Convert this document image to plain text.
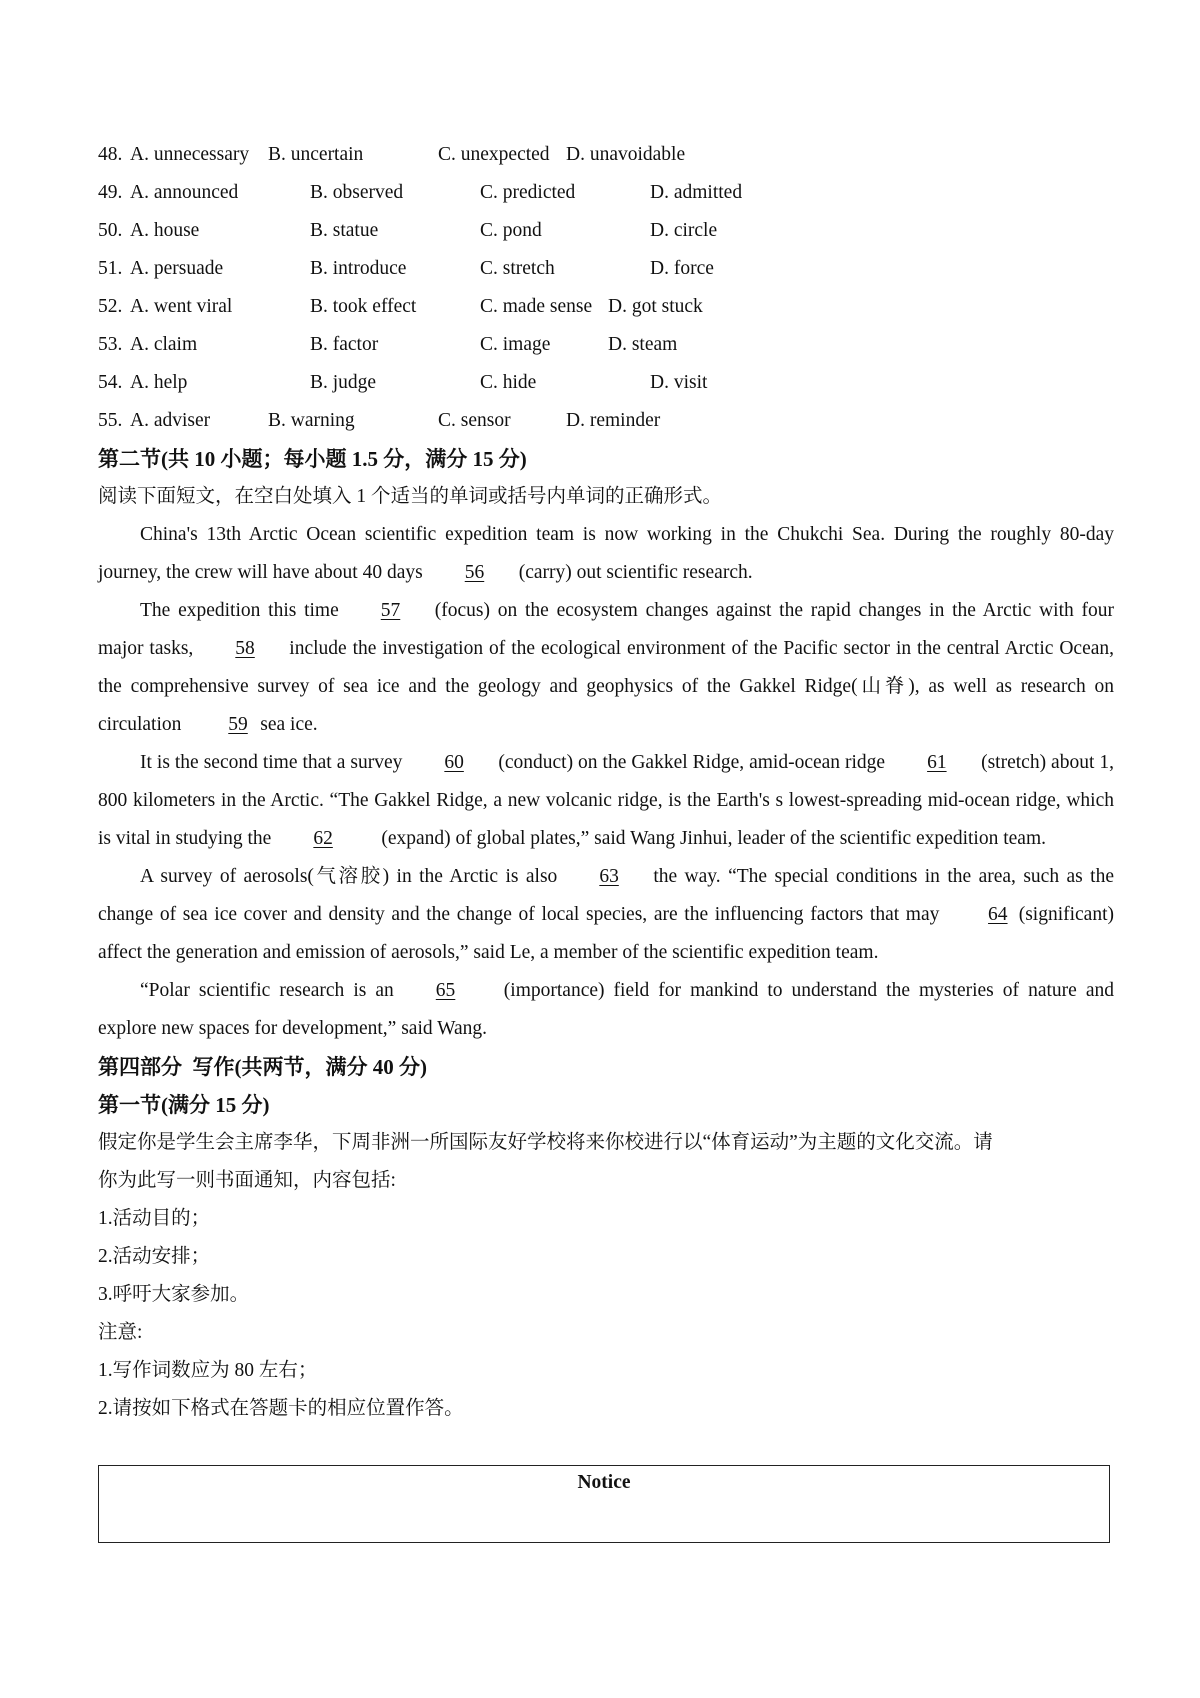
48. A. unnecessary B. uncertain	C. unexpected D. unavoidable
49. A. announced	B. observed	C. predicted	D. admitted
50. A. house	B. statue	C. pond	D. circle
51. A. persuade	B. introduce	C. stretch	D. force
52. A. went viral	B. took effect	C. made sense D. got stuck
53. A. claim	B. factor	C. image	D. steam
54. A. help	B. judge	C. hide	D. visit
55. A. adviser	B. warning	C. sensor	D. reminder
第二节(共 10 小题；每小题 1.5 分，满分 15 分)
阅读下面短文，在空白处填入 1 个适当的单词或括号内单词的正确形式。

China's 13th Arctic Ocean scientific expedition team is now working in the Chukchi Sea. During the roughly 80-day journey, the crew will have about 40 days 56 (carry) out scientific research.

The expedition this time 57 (focus) on the ecosystem changes against the rapid changes in the Arctic with four major tasks, 58 include the investigation of the ecological environment of the Pacific sector in the central Arctic Ocean, the comprehensive survey of sea ice and the geology and geophysics of the Gakkel Ridge(山脊), as well as research on circulation 59 sea ice.

It is the second time that a survey 60 (conduct) on the Gakkel Ridge, amid-ocean ridge 61 (stretch) about 1, 800 kilometers in the Arctic. “The Gakkel Ridge, a new volcanic ridge, is the Earth's s lowest-spreading mid-ocean ridge, which is vital in studying the 62 (expand) of global plates,” said Wang Jinhui, leader of the scientific expedition team.

A survey of aerosols(气溶胶) in the Arctic is also 63 the way. “The special conditions in the area, such as the change of sea ice cover and density and the change of local species, are the influencing factors that may 64 (significant) affect the generation and emission of aerosols,” said Le, a member of the scientific expedition team.

“Polar scientific research is an 65 (importance) field for mankind to understand the mysteries of nature and explore new spaces for development,” said Wang.

第四部分  写作(共两节，满分 40 分)
第一节(满分 15 分)
假定你是学生会主席李华，下周非洲一所国际友好学校将来你校进行以“体育运动”为主题的文化交流。请
你为此写一则书面通知，内容包括:
1.活动目的；
2.活动安排；
3.呼吁大家参加。
注意:
1.写作词数应为 80 左右；
2.请按如下格式在答题卡的相应位置作答。
Notice
